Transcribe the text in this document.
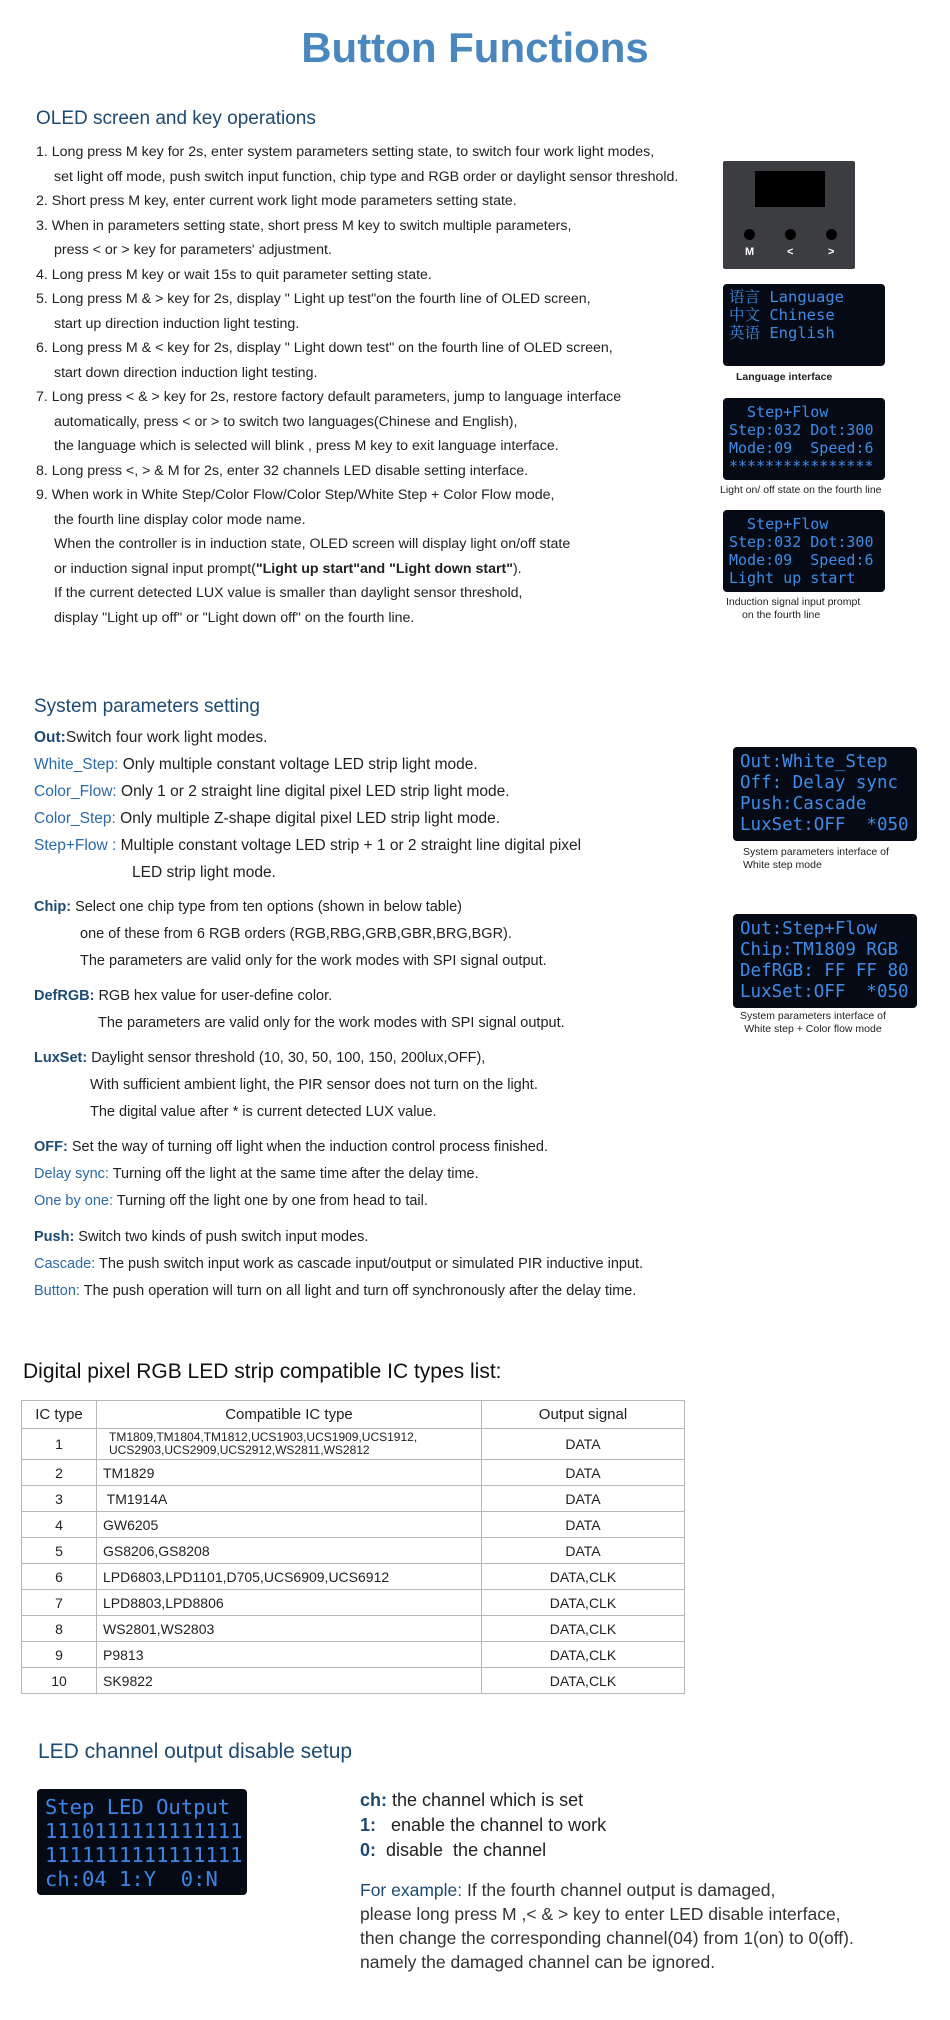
Button Functions
OLED screen and key operations
1. Long press M key for 2s, enter system parameters setting state, to switch four work light modes,
set light off mode, push switch input function, chip type and RGB order or daylight sensor threshold.
2. Short press M key, enter current work light mode parameters setting state.
3. When in parameters setting state, short press M key to switch multiple parameters,
press < or > key for parameters' adjustment.
4. Long press M key or wait 15s to quit parameter setting state.
5. Long press M & > key for 2s, display " Light up test"on the fourth line of OLED screen,
start up direction induction light testing.
6. Long press M & < key for 2s, display " Light down test" on the fourth line of OLED screen,
start down direction induction light testing.
7. Long press < & > key for 2s, restore factory default parameters, jump to language interface
automatically, press < or > to switch two languages(Chinese and English),
the language which is selected will blink , press M key to exit language interface.
8. Long press <, > & M for 2s, enter 32 channels LED disable setting interface.
9. When work in White Step/Color Flow/Color Step/White Step + Color Flow mode,
the fourth line display color mode name.
When the controller is in induction state, OLED screen will display light on/off state
or induction signal input prompt("Light up start"and "Light down start").
If the current detected LUX value is smaller than daylight sensor threshold,
display "Light up off" or "Light down off" on the fourth line.
M	<	>
语言 Language
中文 Chinese
英语 English
Language interface
Step+Flow
Step:032 Dot:300
Mode:09  Speed:6
****************
Light on/ off state on the fourth line
Step+Flow
Step:032 Dot:300
Mode:09  Speed:6
Light up start
Induction signal input prompt
on the fourth line
System parameters setting
Out:Switch four work light modes.
White_Step: Only multiple constant voltage LED strip light mode.
Color_Flow: Only 1 or 2 straight line digital pixel LED strip light mode.
Color_Step: Only multiple Z-shape digital pixel LED strip light mode.
Step+Flow : Multiple constant voltage LED strip + 1 or 2 straight line digital pixel
LED strip light mode.
Chip: Select one chip type from ten options (shown in below table)
one of these from 6 RGB orders (RGB,RBG,GRB,GBR,BRG,BGR).
The parameters are valid only for the work modes with SPI signal output.
DefRGB: RGB hex value for user-define color.
The parameters are valid only for the work modes with SPI signal output.
LuxSet: Daylight sensor threshold (10, 30, 50, 100, 150, 200lux,OFF),
With sufficient ambient light, the PIR sensor does not turn on the light.
The digital value after * is current detected LUX value.
OFF: Set the way of turning off light when the induction control process finished.
Delay sync: Turning off the light at the same time after the delay time.
One by one: Turning off the light one by one from head to tail.
Push: Switch two kinds of push switch input modes.
Cascade: The push switch input work as cascade input/output or simulated PIR inductive input.
Button: The push operation will turn on all light and turn off synchronously after the delay time.
Out:White_Step
Off: Delay sync
Push:Cascade
LuxSet:OFF  *050
System parameters interface of
White step mode
Out:Step+Flow
Chip:TM1809 RGB
DefRGB: FF FF 80
LuxSet:OFF  *050
System parameters interface of
White step + Color flow mode
Digital pixel RGB LED strip compatible IC types list:
IC type	Compatible IC type	Output signal
1	TM1809,TM1804,TM1812,UCS1903,UCS1909,UCS1912,
UCS2903,UCS2909,UCS2912,WS2811,WS2812	DATA
2	TM1829	DATA
3	TM1914A	DATA
4	GW6205	DATA
5	GS8206,GS8208	DATA
6	LPD6803,LPD1101,D705,UCS6909,UCS6912	DATA,CLK
7	LPD8803,LPD8806	DATA,CLK
8	WS2801,WS2803	DATA,CLK
9	P9813	DATA,CLK
10	SK9822	DATA,CLK
LED channel output disable setup
Step LED Output
1110111111111111
1111111111111111
ch:04 1:Y  0:N
ch: the channel which is set
1:   enable the channel to work
0:  disable  the channel
For example: If the fourth channel output is damaged,
please long press M ,< & > key to enter LED disable interface,
then change the corresponding channel(04) from 1(on) to 0(off).
namely the damaged channel can be ignored.
